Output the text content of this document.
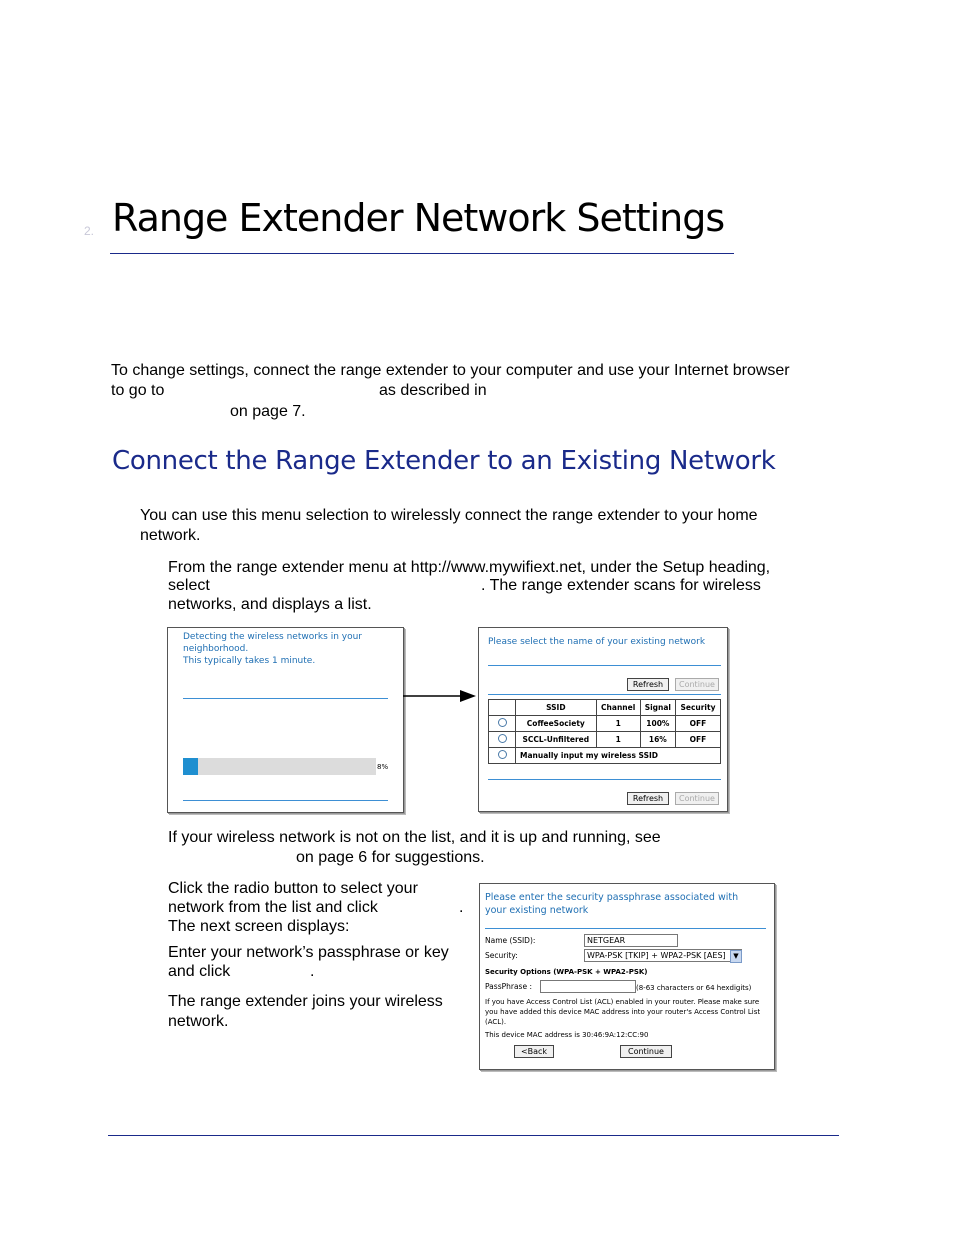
2. Range Extender Network Settings
To change settings, connect the range extender to your computer and use your Internet browser
to go to	as described in
on page 7.
Connect the Range Extender to an Existing Network
You can use this menu selection to wirelessly connect the range extender to your home
network.
From the range extender menu at http://www.mywifiext.net, under the Setup heading,
select	. The range extender scans for wireless
networks, and displays a list.
Detecting the wireless networks in your
neighborhood.
This typically takes 1 minute.
8%
Please select the name of your existing network
Refresh	Continue
	SSID	Channel	Signal	Security
	CoffeeSociety	1	100%	OFF
	SCCL-Unfiltered	1	16%	OFF
	Manually input my wireless SSID			
Refresh	Continue
If your wireless network is not on the list, and it is up and running, see
on page 6 for suggestions.
Click the radio button to select your
network from the list and click	.
The next screen displays:
Enter your network’s passphrase or key
and click	.
The range extender joins your wireless
network.
Please enter the security passphrase associated with
your existing network
Name (SSID):	NETGEAR
Security:	WPA-PSK [TKIP] + WPA2-PSK [AES]	▼
Security Options (WPA-PSK + WPA2-PSK)
PassPhrase :	(8-63 characters or 64 hexdigits)
If you have Access Control List (ACL) enabled in your router. Please make sure
you have added this device MAC address into your router's Access Control List
(ACL).
This device MAC address is 30:46:9A:12:CC:90
<Back	Continue
